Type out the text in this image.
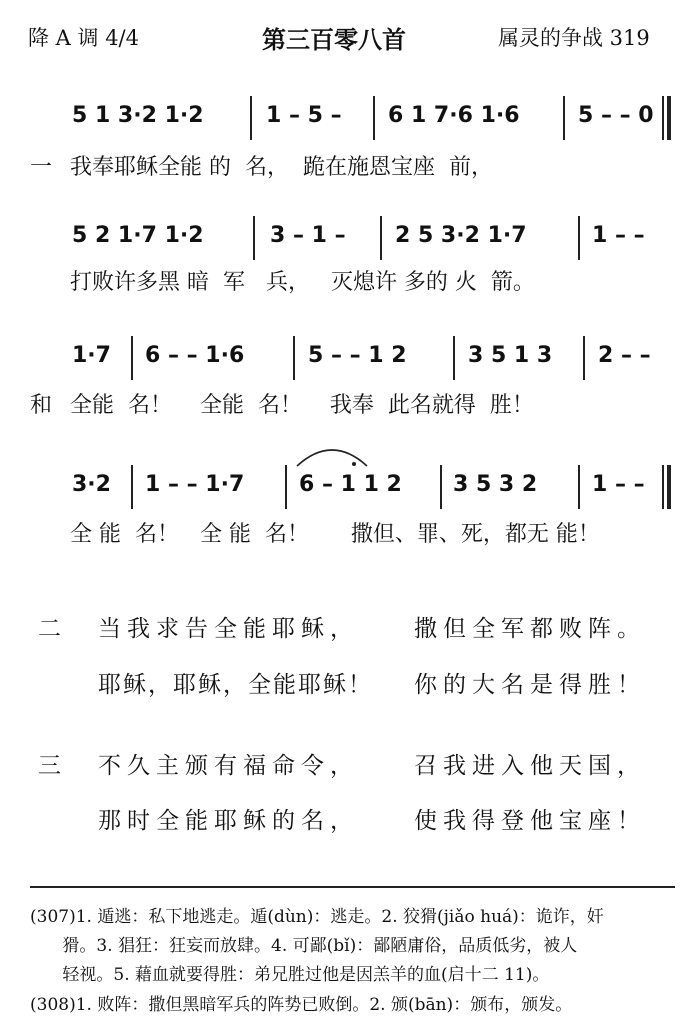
降 A 调 4/4	第三百零八首	属灵的争战 319
5 1 3·2 1·2	1 – 5 – 6 1 7·6 1·6	5 – – 0
一 我奉耶稣全能 的  名，  跪在施恩宝座  前，
5 2 1·7 1·2	3 – 1 – 2 5 3·2 1·7	1 – –
打败许多黑 暗  军   兵，   灭熄许 多的 火  箭。
1·7 6 – – 1·6	5 – – 1 2	3 5 1 3 2 – –
和 全能  名！    全能  名！    我奉  此名就得  胜！
3·2 1 – – 1·7 6 – 1 1 2 3 5 3 2 1 – –
全 能  名！   全 能  名！      撒但、罪、死，都无 能！
二 当我求告全能耶稣， 撒但全军都败阵。
耶稣，耶稣，全能耶稣！ 你的大名是得胜！
三 不久主颁有福命令， 召我进入他天国，
那时全能耶稣的名， 使我得登他宝座！
(307)1. 遁逃：私下地逃走。遁(dùn)：逃走。2. 狡猾(jiǎo huá)：诡诈，奸
猾。3. 猖狂：狂妄而放肆。4. 可鄙(bǐ)：鄙陋庸俗，品质低劣，被人
轻视。5. 藉血就要得胜：弟兄胜过他是因羔羊的血(启十二 11)。
(308)1. 败阵：撒但黑暗军兵的阵势已败倒。2. 颁(bān)：颁布，颁发。
